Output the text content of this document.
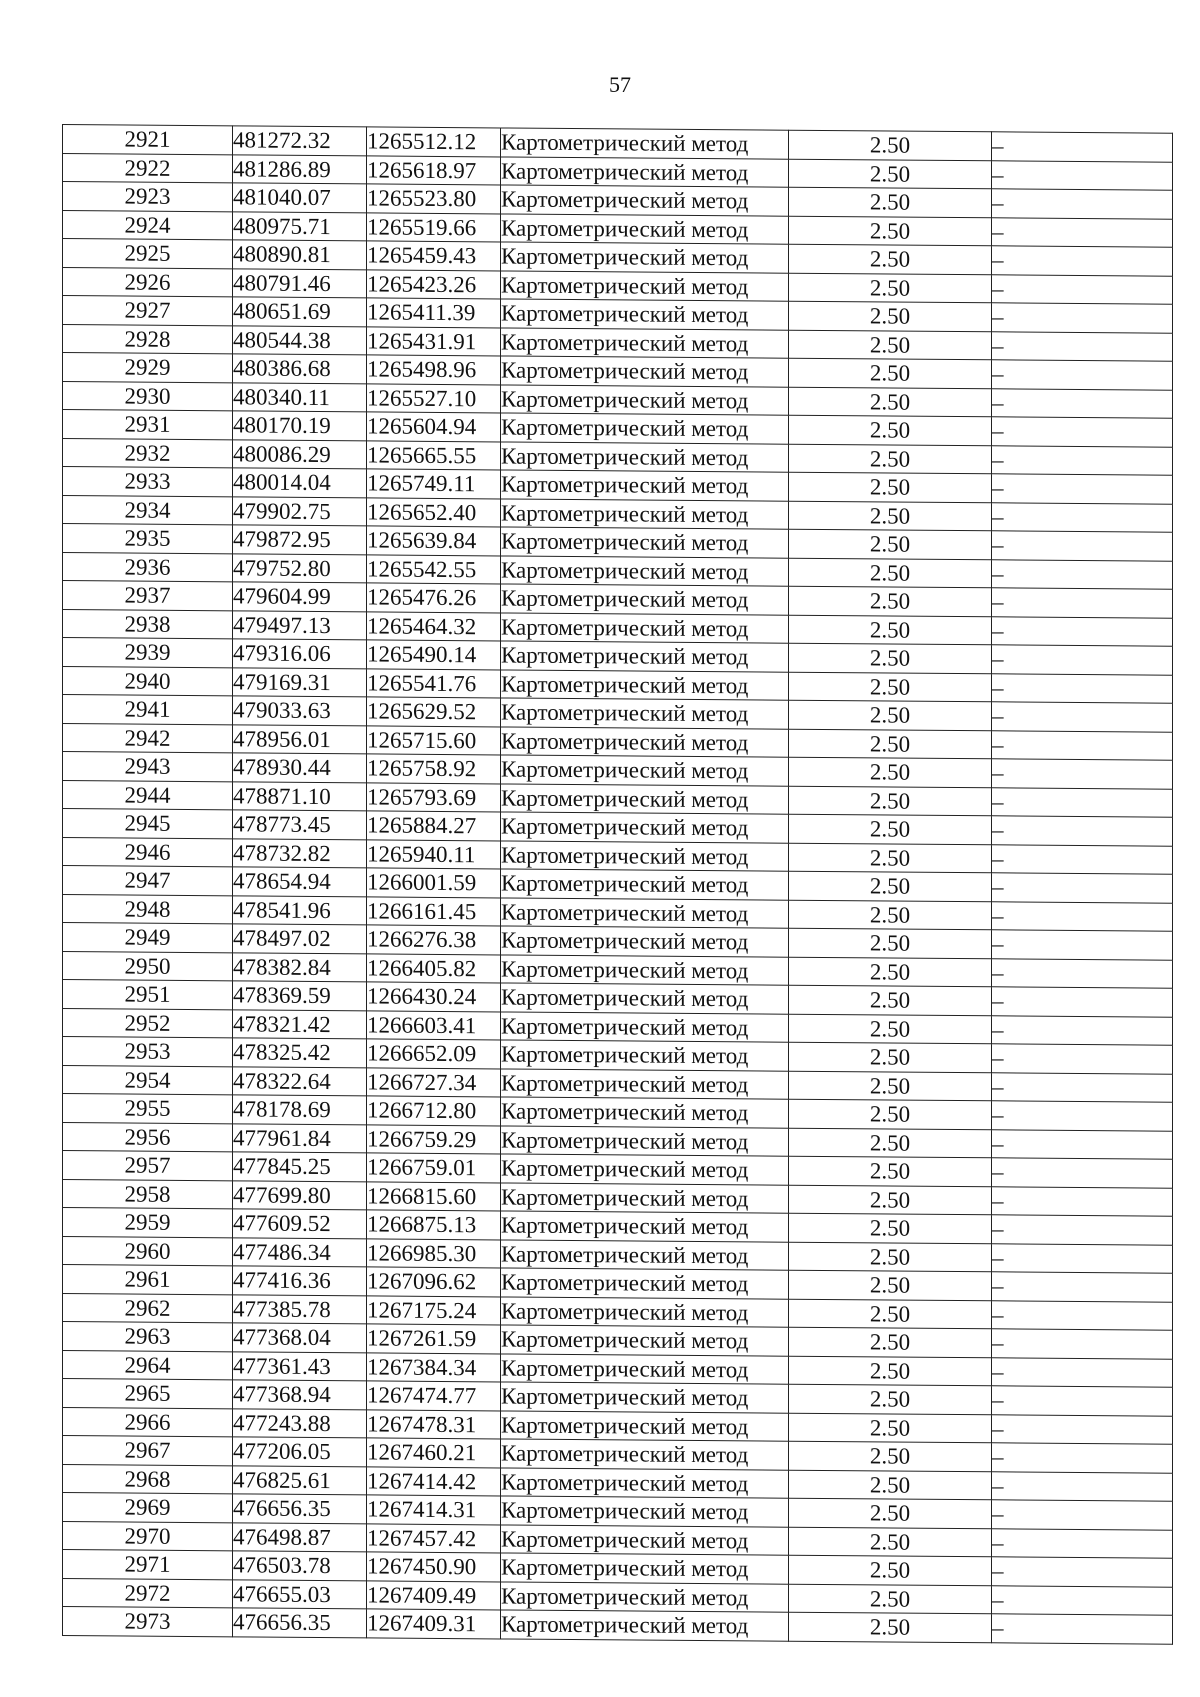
57
2921	481272.32	1265512.12	Картометрический метод	2.50	–
2922	481286.89	1265618.97	Картометрический метод	2.50	–
2923	481040.07	1265523.80	Картометрический метод	2.50	–
2924	480975.71	1265519.66	Картометрический метод	2.50	–
2925	480890.81	1265459.43	Картометрический метод	2.50	–
2926	480791.46	1265423.26	Картометрический метод	2.50	–
2927	480651.69	1265411.39	Картометрический метод	2.50	–
2928	480544.38	1265431.91	Картометрический метод	2.50	–
2929	480386.68	1265498.96	Картометрический метод	2.50	–
2930	480340.11	1265527.10	Картометрический метод	2.50	–
2931	480170.19	1265604.94	Картометрический метод	2.50	–
2932	480086.29	1265665.55	Картометрический метод	2.50	–
2933	480014.04	1265749.11	Картометрический метод	2.50	–
2934	479902.75	1265652.40	Картометрический метод	2.50	–
2935	479872.95	1265639.84	Картометрический метод	2.50	–
2936	479752.80	1265542.55	Картометрический метод	2.50	–
2937	479604.99	1265476.26	Картометрический метод	2.50	–
2938	479497.13	1265464.32	Картометрический метод	2.50	–
2939	479316.06	1265490.14	Картометрический метод	2.50	–
2940	479169.31	1265541.76	Картометрический метод	2.50	–
2941	479033.63	1265629.52	Картометрический метод	2.50	–
2942	478956.01	1265715.60	Картометрический метод	2.50	–
2943	478930.44	1265758.92	Картометрический метод	2.50	–
2944	478871.10	1265793.69	Картометрический метод	2.50	–
2945	478773.45	1265884.27	Картометрический метод	2.50	–
2946	478732.82	1265940.11	Картометрический метод	2.50	–
2947	478654.94	1266001.59	Картометрический метод	2.50	–
2948	478541.96	1266161.45	Картометрический метод	2.50	–
2949	478497.02	1266276.38	Картометрический метод	2.50	–
2950	478382.84	1266405.82	Картометрический метод	2.50	–
2951	478369.59	1266430.24	Картометрический метод	2.50	–
2952	478321.42	1266603.41	Картометрический метод	2.50	–
2953	478325.42	1266652.09	Картометрический метод	2.50	–
2954	478322.64	1266727.34	Картометрический метод	2.50	–
2955	478178.69	1266712.80	Картометрический метод	2.50	–
2956	477961.84	1266759.29	Картометрический метод	2.50	–
2957	477845.25	1266759.01	Картометрический метод	2.50	–
2958	477699.80	1266815.60	Картометрический метод	2.50	–
2959	477609.52	1266875.13	Картометрический метод	2.50	–
2960	477486.34	1266985.30	Картометрический метод	2.50	–
2961	477416.36	1267096.62	Картометрический метод	2.50	–
2962	477385.78	1267175.24	Картометрический метод	2.50	–
2963	477368.04	1267261.59	Картометрический метод	2.50	–
2964	477361.43	1267384.34	Картометрический метод	2.50	–
2965	477368.94	1267474.77	Картометрический метод	2.50	–
2966	477243.88	1267478.31	Картометрический метод	2.50	–
2967	477206.05	1267460.21	Картометрический метод	2.50	–
2968	476825.61	1267414.42	Картометрический метод	2.50	–
2969	476656.35	1267414.31	Картометрический метод	2.50	–
2970	476498.87	1267457.42	Картометрический метод	2.50	–
2971	476503.78	1267450.90	Картометрический метод	2.50	–
2972	476655.03	1267409.49	Картометрический метод	2.50	–
2973	476656.35	1267409.31	Картометрический метод	2.50	–
